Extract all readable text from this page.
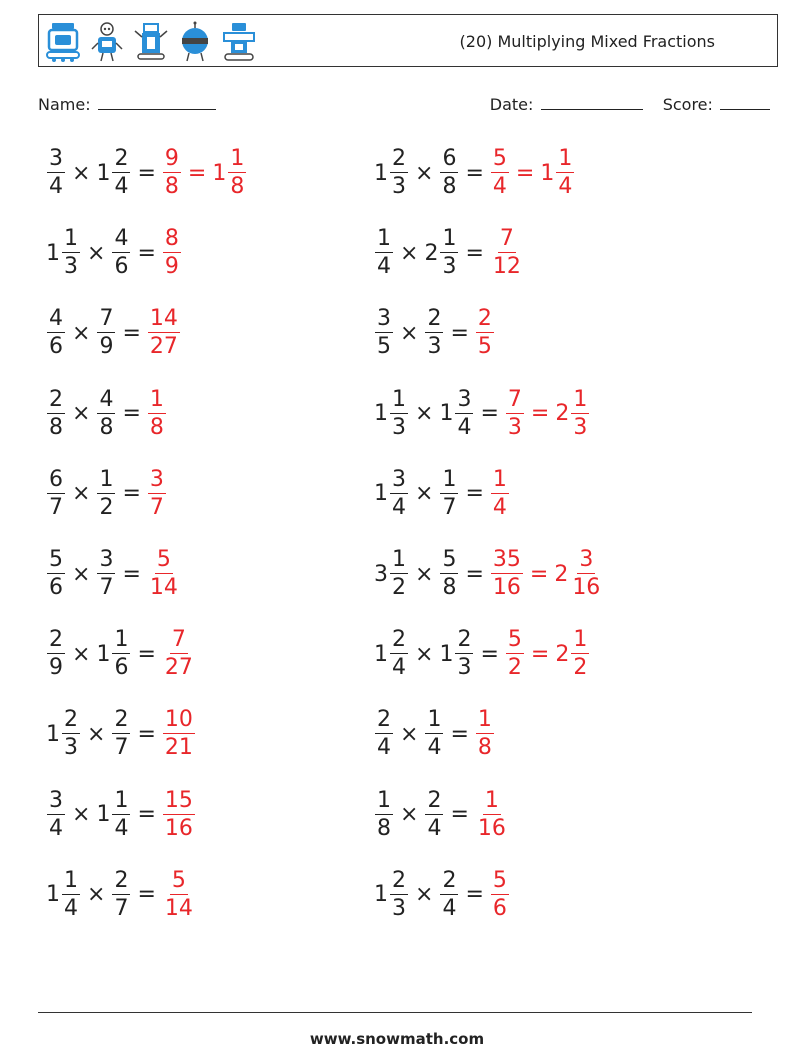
(20) Multiplying Mixed Fractions
Name:	Date:	Score:
$\frac{3}{4} \times 1 \frac{2}{4} = \frac{9}{8} = 1 \frac{1}{8}$	$1 \frac{2}{3} \times \frac{6}{8} = \frac{5}{4} = 1 \frac{1}{4}$
$1 \frac{1}{3} \times \frac{4}{6} = \frac{8}{9}$	$\frac{1}{4} \times 2 \frac{1}{3} = \frac{7}{12}$
$\frac{4}{6} \times \frac{7}{9} = \frac{14}{27}$	$\frac{3}{5} \times \frac{2}{3} = \frac{2}{5}$
$\frac{2}{8} \times \frac{4}{8} = \frac{1}{8}$	$1 \frac{1}{3} \times 1 \frac{3}{4} = \frac{7}{3} = 2 \frac{1}{3}$
$\frac{6}{7} \times \frac{1}{2} = \frac{3}{7}$	$1 \frac{3}{4} \times \frac{1}{7} = \frac{1}{4}$
$\frac{5}{6} \times \frac{3}{7} = \frac{5}{14}$	$3 \frac{1}{2} \times \frac{5}{8} = \frac{35}{16} = 2 \frac{3}{16}$
$\frac{2}{9} \times 1 \frac{1}{6} = \frac{7}{27}$	$1 \frac{2}{4} \times 1 \frac{2}{3} = \frac{5}{2} = 2 \frac{1}{2}$
$1 \frac{2}{3} \times \frac{2}{7} = \frac{10}{21}$	$\frac{2}{4} \times \frac{1}{4} = \frac{1}{8}$
$\frac{3}{4} \times 1 \frac{1}{4} = \frac{15}{16}$	$\frac{1}{8} \times \frac{2}{4} = \frac{1}{16}$
$1 \frac{1}{4} \times \frac{2}{7} = \frac{5}{14}$	$1 \frac{2}{3} \times \frac{2}{4} = \frac{5}{6}$
www.snowmath.com
